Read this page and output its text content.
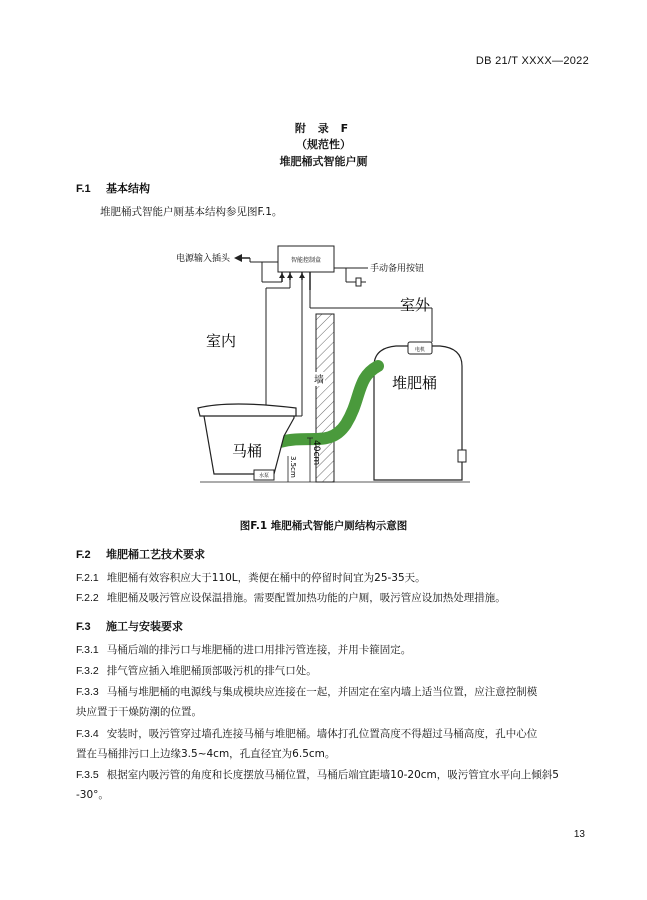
DB 21/T XXXX—2022
附 录 F
（规范性）
堆肥桶式智能户厕
F.1 基本结构
堆肥桶式智能户厕基本结构参见图F.1。
智能控制盒
电源输入插头
手动备用按钮
室外
室内
墙
电机
堆肥桶
马桶
水泵
40cm
3.5cm
图F.1 堆肥桶式智能户厕结构示意图
F.2 堆肥桶工艺技术要求
F.2.1 堆肥桶有效容积应大于110L，粪便在桶中的停留时间宜为25-35天。
F.2.2 堆肥桶及吸污管应设保温措施。需要配置加热功能的户厕，吸污管应设加热处理措施。
F.3 施工与安装要求
F.3.1 马桶后端的排污口与堆肥桶的进口用排污管连接，并用卡箍固定。
F.3.2 排气管应插入堆肥桶顶部吸污机的排气口处。
F.3.3 马桶与堆肥桶的电源线与集成模块应连接在一起，并固定在室内墙上适当位置，应注意控制模
块应置于干燥防潮的位置。
F.3.4 安装时，吸污管穿过墙孔连接马桶与堆肥桶。墙体打孔位置高度不得超过马桶高度，孔中心位
置在马桶排污口上边缘3.5~4cm，孔直径宜为6.5cm。
F.3.5 根据室内吸污管的角度和长度摆放马桶位置，马桶后端宜距墙10-20cm，吸污管宜水平向上倾斜5
-30°。
13
